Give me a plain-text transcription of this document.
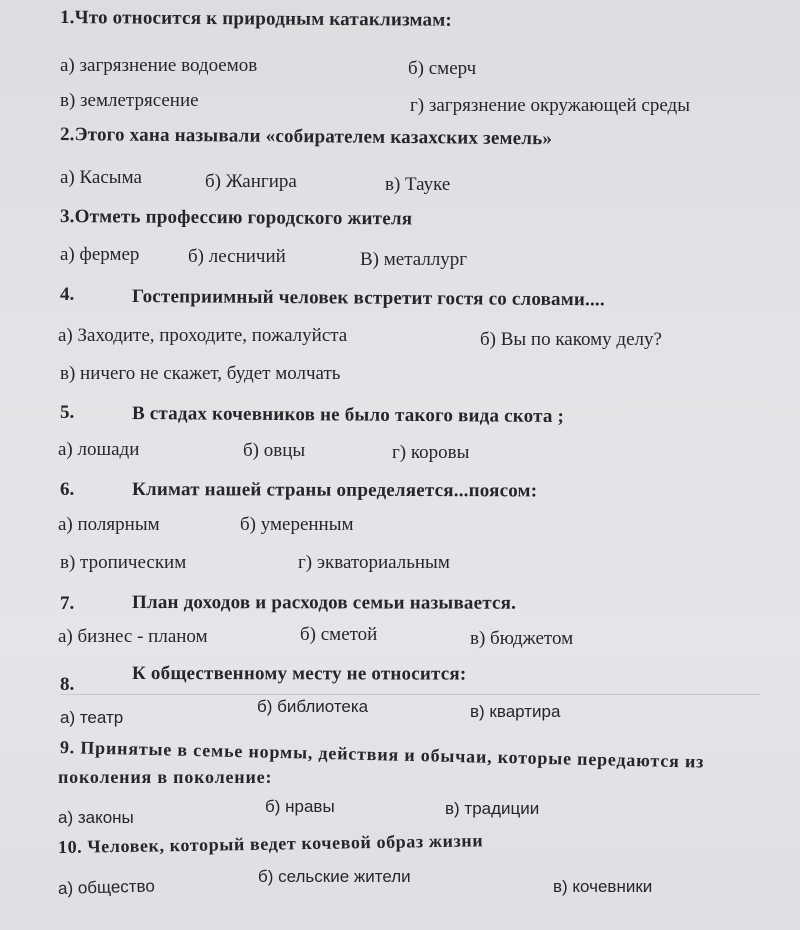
1.Что относится к природным катаклизмам:
а) загрязнение водоемов	б) смерч
в) землетрясение	г) загрязнение окружающей среды
2.Этого хана называли «собирателем казахских земель»
а) Касыма	б) Жангира	в) Тауке
3.Отметь профессию городского жителя
а) фермер	б) лесничий	В) металлург
4.	Гостеприимный человек встретит гостя со словами....
а) Заходите, проходите, пожалуйста	б) Вы по какому делу?
в) ничего не скажет, будет молчать
5.	В стадах кочевников не было такого вида скота ;
а) лошади	б) овцы	г) коровы
6.	Климат нашей страны определяется...поясом:
а) полярным	б) умеренным
в) тропическим	г) экваториальным
7.	План доходов и расходов семьи называется.
а) бизнес - планом	б) сметой	в) бюджетом
8.	К общественному месту не относится:
а) театр
б) библиотека	в) квартира
9. Принятые в семье нормы, действия и обычаи, которые передаются из
поколения в поколение:
а) законы
б) нравы	в) традиции
10. Человек, который ведет кочевой образ жизни
а) общество	б) сельские жители
в) кочевники
